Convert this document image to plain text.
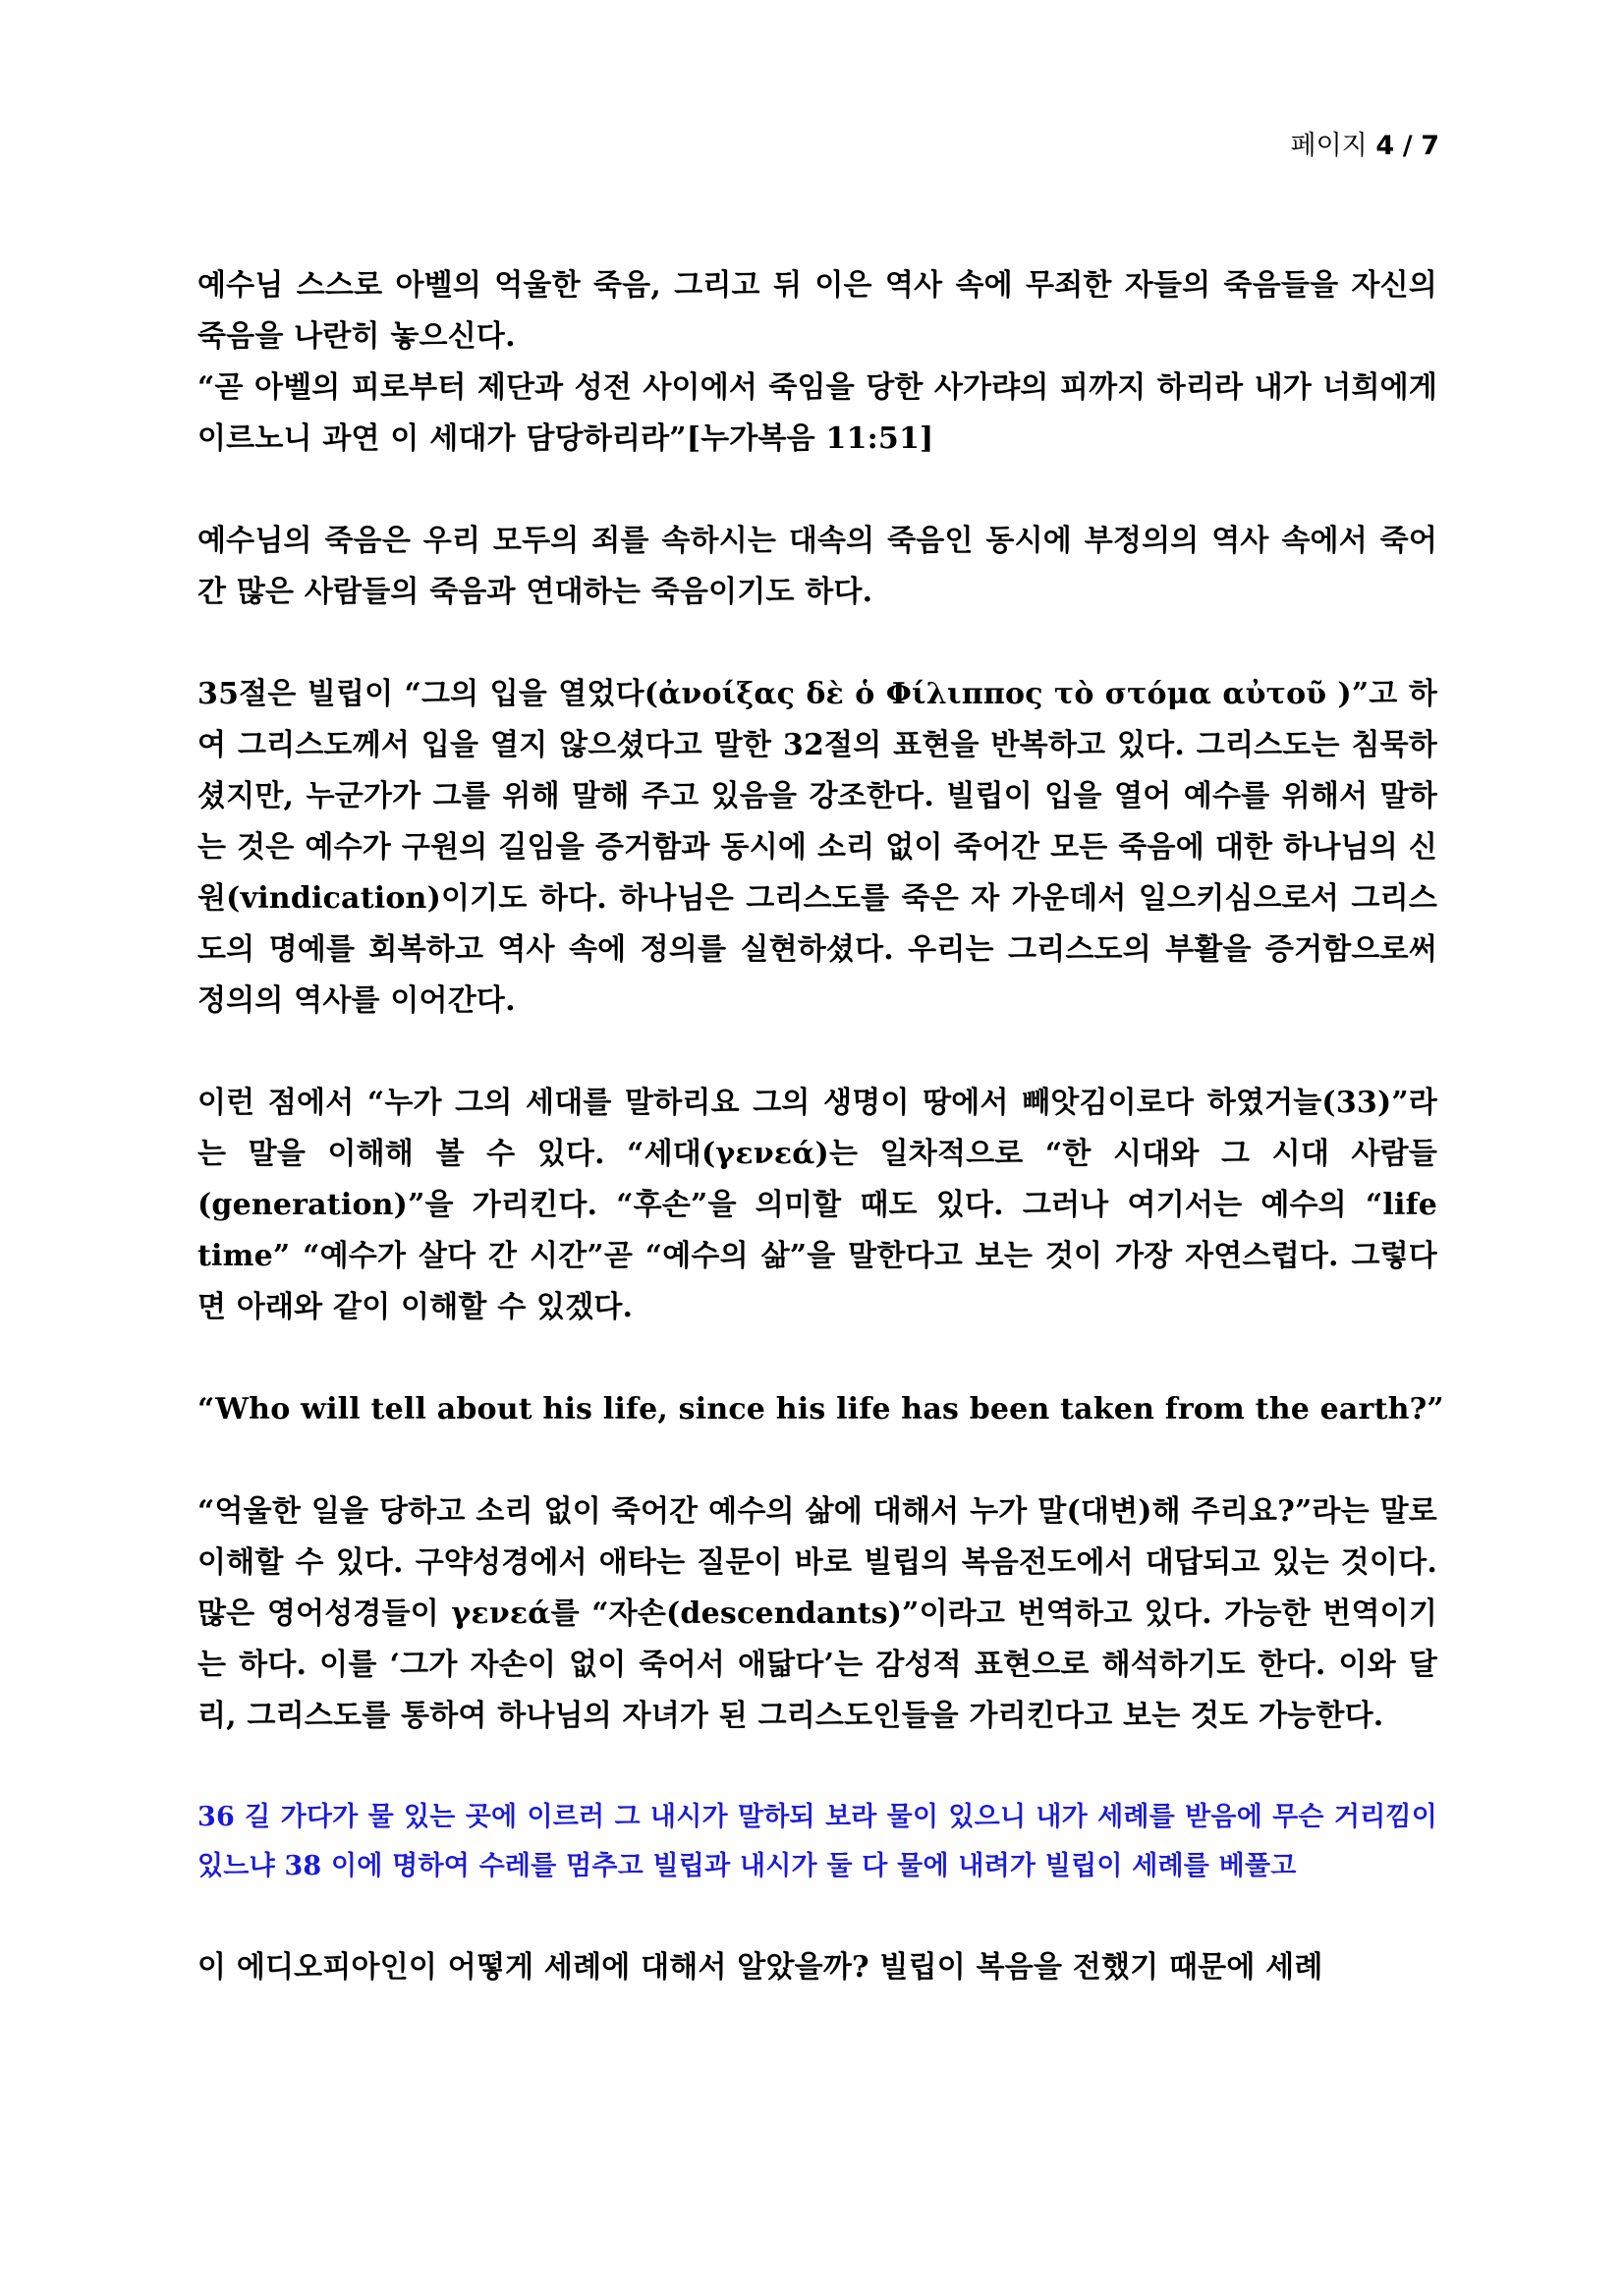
페이지 4 / 7

예수님 스스로 아벨의 억울한 죽음, 그리고 뒤 이은 역사 속에 무죄한 자들의 죽음들을 자신의 죽음을 나란히 놓으신다.

“곧 아벨의 피로부터 제단과 성전 사이에서 죽임을 당한 사가랴의 피까지 하리라 내가 너희에게 이르노니 과연 이 세대가 담당하리라”[누가복음 11:51]

예수님의 죽음은 우리 모두의 죄를 속하시는 대속의 죽음인 동시에 부정의의 역사 속에서 죽어 간 많은 사람들의 죽음과 연대하는 죽음이기도 하다.

35절은 빌립이 “그의 입을 열었다(ἀνοίξας δὲ ὁ Φίλιππος τὸ στόμα αὐτοῦ )”고 하여 그리스도께서 입을 열지 않으셨다고 말한 32절의 표현을 반복하고 있다. 그리스도는 침묵하셨지만, 누군가가 그를 위해 말해 주고 있음을 강조한다. 빌립이 입을 열어 예수를 위해서 말하는 것은 예수가 구원의 길임을 증거함과 동시에 소리 없이 죽어간 모든 죽음에 대한 하나님의 신원(vindication)이기도 하다. 하나님은 그리스도를 죽은 자 가운데서 일으키심으로서 그리스도의 명예를 회복하고 역사 속에 정의를 실현하셨다. 우리는 그리스도의 부활을 증거함으로써 정의의 역사를 이어간다.

이런 점에서 “누가 그의 세대를 말하리요 그의 생명이 땅에서 빼앗김이로다 하였거늘(33)”라는 말을 이해해 볼 수 있다. “세대(γενεά)는 일차적으로 “한 시대와 그 시대 사람들(generation)”을 가리킨다. “후손”을 의미할 때도 있다. 그러나 여기서는 예수의 “life time” “예수가 살다 간 시간”곧 “예수의 삶”을 말한다고 보는 것이 가장 자연스럽다. 그렇다면 아래와 같이 이해할 수 있겠다.

“Who will tell about his life, since his life has been taken from the earth?”

“억울한 일을 당하고 소리 없이 죽어간 예수의 삶에 대해서 누가 말(대변)해 주리요?”라는 말로 이해할 수 있다. 구약성경에서 애타는 질문이 바로 빌립의 복음전도에서 대답되고 있는 것이다. 많은 영어성경들이 γενεά를 “자손(descendants)”이라고 번역하고 있다. 가능한 번역이기는 하다. 이를 ‘그가 자손이 없이 죽어서 애닯다’는 감성적 표현으로 해석하기도 한다. 이와 달리, 그리스도를 통하여 하나님의 자녀가 된 그리스도인들을 가리킨다고 보는 것도 가능한다.

36 길 가다가 물 있는 곳에 이르러 그 내시가 말하되 보라 물이 있으니 내가 세례를 받음에 무슨 거리낌이 있느냐 38 이에 명하여 수레를 멈추고 빌립과 내시가 둘 다 물에 내려가 빌립이 세례를 베풀고

이 에디오피아인이 어떻게 세례에 대해서 알았을까? 빌립이 복음을 전했기 때문에 세례
